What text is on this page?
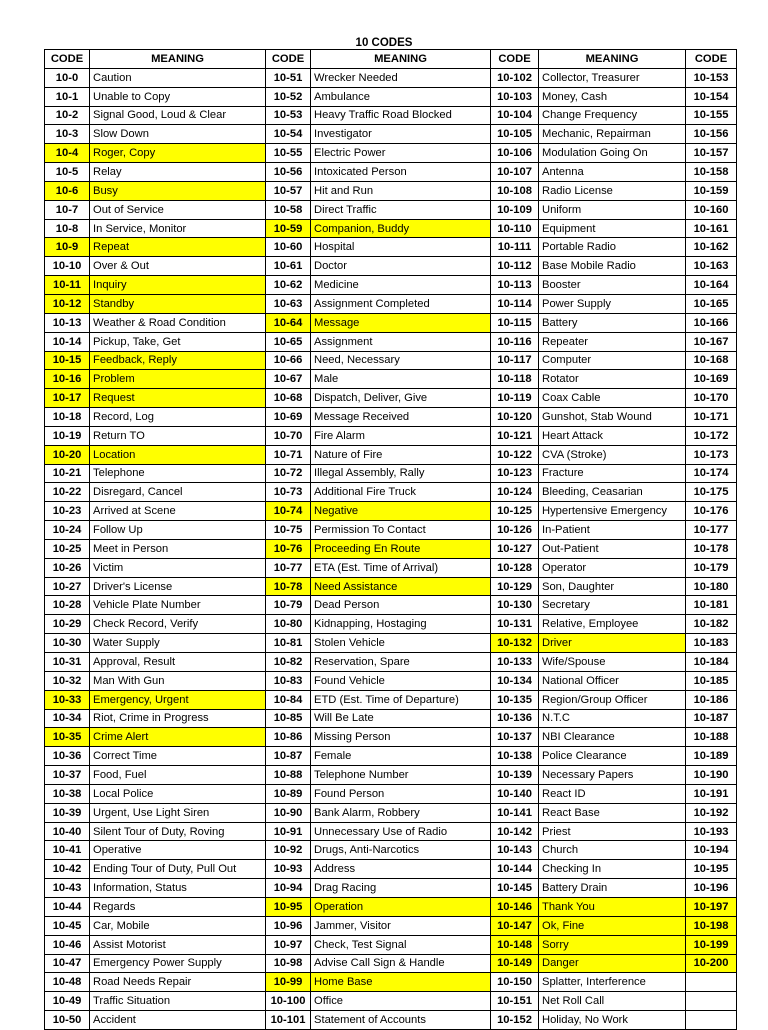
10 CODES
CODE	MEANING	CODE	MEANING	CODE	MEANING	CODE
10-0	Caution	10-51	Wrecker Needed	10-102	Collector, Treasurer	10-153
10-1	Unable to Copy	10-52	Ambulance	10-103	Money, Cash	10-154
10-2	Signal Good, Loud & Clear	10-53	Heavy Traffic Road Blocked	10-104	Change Frequency	10-155
10-3	Slow Down	10-54	Investigator	10-105	Mechanic, Repairman	10-156
10-4	Roger, Copy	10-55	Electric Power	10-106	Modulation Going On	10-157
10-5	Relay	10-56	Intoxicated Person	10-107	Antenna	10-158
10-6	Busy	10-57	Hit and Run	10-108	Radio License	10-159
10-7	Out of Service	10-58	Direct Traffic	10-109	Uniform	10-160
10-8	In Service, Monitor	10-59	Companion, Buddy	10-110	Equipment	10-161
10-9	Repeat	10-60	Hospital	10-111	Portable Radio	10-162
10-10	Over & Out	10-61	Doctor	10-112	Base Mobile Radio	10-163
10-11	Inquiry	10-62	Medicine	10-113	Booster	10-164
10-12	Standby	10-63	Assignment Completed	10-114	Power Supply	10-165
10-13	Weather & Road Condition	10-64	Message	10-115	Battery	10-166
10-14	Pickup, Take, Get	10-65	Assignment	10-116	Repeater	10-167
10-15	Feedback, Reply	10-66	Need, Necessary	10-117	Computer	10-168
10-16	Problem	10-67	Male	10-118	Rotator	10-169
10-17	Request	10-68	Dispatch, Deliver, Give	10-119	Coax Cable	10-170
10-18	Record, Log	10-69	Message Received	10-120	Gunshot, Stab Wound	10-171
10-19	Return TO	10-70	Fire Alarm	10-121	Heart Attack	10-172
10-20	Location	10-71	Nature of Fire	10-122	CVA (Stroke)	10-173
10-21	Telephone	10-72	Illegal Assembly, Rally	10-123	Fracture	10-174
10-22	Disregard, Cancel	10-73	Additional Fire Truck	10-124	Bleeding, Ceasarian	10-175
10-23	Arrived at Scene	10-74	Negative	10-125	Hypertensive Emergency	10-176
10-24	Follow Up	10-75	Permission To Contact	10-126	In-Patient	10-177
10-25	Meet in Person	10-76	Proceeding En Route	10-127	Out-Patient	10-178
10-26	Victim	10-77	ETA (Est. Time of Arrival)	10-128	Operator	10-179
10-27	Driver's License	10-78	Need Assistance	10-129	Son, Daughter	10-180
10-28	Vehicle Plate Number	10-79	Dead Person	10-130	Secretary	10-181
10-29	Check Record, Verify	10-80	Kidnapping, Hostaging	10-131	Relative, Employee	10-182
10-30	Water Supply	10-81	Stolen Vehicle	10-132	Driver	10-183
10-31	Approval, Result	10-82	Reservation, Spare	10-133	Wife/Spouse	10-184
10-32	Man With Gun	10-83	Found Vehicle	10-134	National Officer	10-185
10-33	Emergency, Urgent	10-84	ETD (Est. Time of Departure)	10-135	Region/Group Officer	10-186
10-34	Riot, Crime in Progress	10-85	Will Be Late	10-136	N.T.C	10-187
10-35	Crime Alert	10-86	Missing Person	10-137	NBI Clearance	10-188
10-36	Correct Time	10-87	Female	10-138	Police Clearance	10-189
10-37	Food, Fuel	10-88	Telephone Number	10-139	Necessary Papers	10-190
10-38	Local Police	10-89	Found Person	10-140	React ID	10-191
10-39	Urgent, Use Light Siren	10-90	Bank Alarm, Robbery	10-141	React Base	10-192
10-40	Silent Tour of Duty, Roving	10-91	Unnecessary Use of Radio	10-142	Priest	10-193
10-41	Operative	10-92	Drugs, Anti-Narcotics	10-143	Church	10-194
10-42	Ending Tour of Duty, Pull Out	10-93	Address	10-144	Checking In	10-195
10-43	Information, Status	10-94	Drag Racing	10-145	Battery Drain	10-196
10-44	Regards	10-95	Operation	10-146	Thank You	10-197
10-45	Car, Mobile	10-96	Jammer, Visitor	10-147	Ok, Fine	10-198
10-46	Assist Motorist	10-97	Check, Test Signal	10-148	Sorry	10-199
10-47	Emergency Power Supply	10-98	Advise Call Sign & Handle	10-149	Danger	10-200
10-48	Road Needs Repair	10-99	Home Base	10-150	Splatter, Interference	
10-49	Traffic Situation	10-100	Office	10-151	Net Roll Call	
10-50	Accident	10-101	Statement of Accounts	10-152	Holiday, No Work	
